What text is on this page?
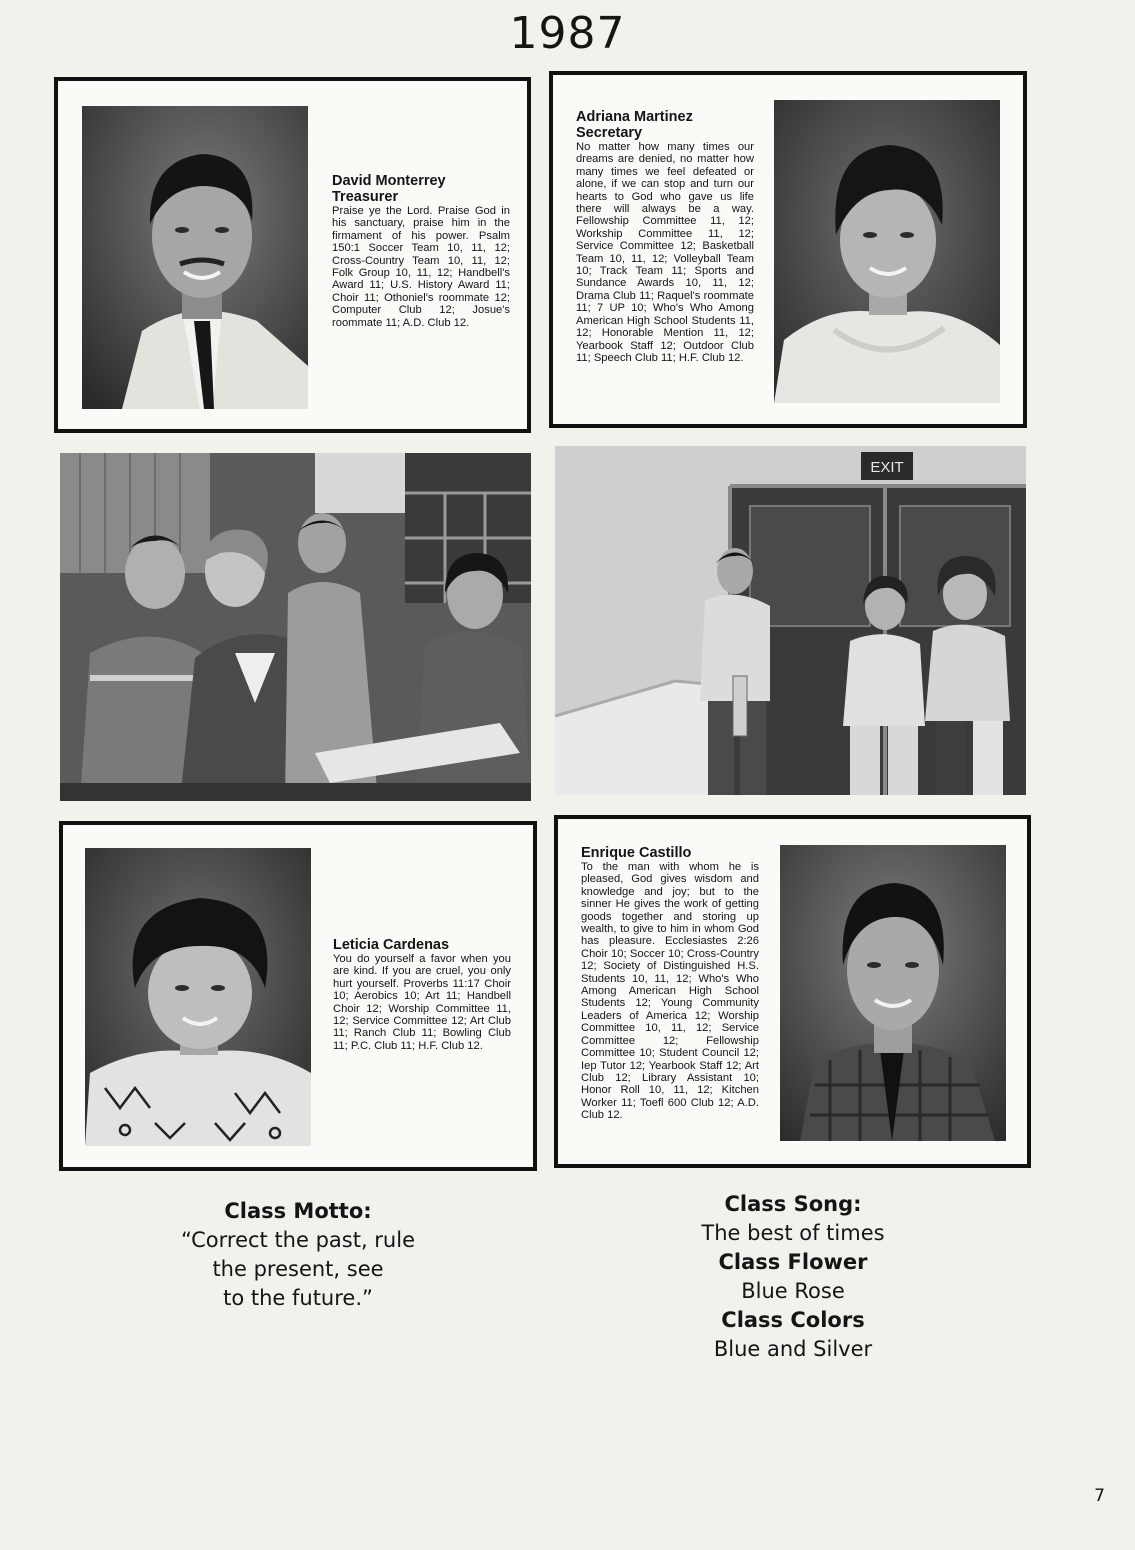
1987
David Monterrey
Treasurer
Praise ye the Lord. Praise God in his sanctuary, praise him in the firmament of his power. Psalm 150:1 Soccer Team 10, 11, 12; Cross-Country Team 10, 11, 12; Folk Group 10, 11, 12; Handbell's Award 11; U.S. History Award 11; Choir 11; Othoniel's roommate 12; Computer Club 12; Josue's roommate 11; A.D. Club 12.
Adriana Martinez
Secretary
No matter how many times our dreams are denied, no matter how many times we feel defeated or alone, if we can stop and turn our hearts to God who gave us life there will always be a way. Fellowship Committee 11, 12; Workship Committee 11, 12; Service Committee 12; Basketball Team 10, 11, 12; Volleyball Team 10; Track Team 11; Sports and Sundance Awards 10, 11, 12; Drama Club 11; Raquel's roommate 11; 7 UP 10; Who's Who Among American High School Students 11, 12; Honorable Mention 11, 12; Yearbook Staff 12; Outdoor Club 11; Speech Club 11; H.F. Club 12.
EXIT
Leticia Cardenas
You do yourself a favor when you are kind. If you are cruel, you only hurt yourself. Proverbs 11:17 Choir 10; Aerobics 10; Art 11; Handbell Choir 12; Worship Committee 11, 12; Service Committee 12; Art Club 11; Ranch Club 11; Bowling Club 11; P.C. Club 11; H.F. Club 12.
Enrique Castillo
To the man with whom he is pleased, God gives wisdom and knowledge and joy; but to the sinner He gives the work of getting goods together and storing up wealth, to give to him in whom God has pleasure. Ecclesiastes 2:26 Choir 10; Soccer 10; Cross-Country 12; Society of Distinguished H.S. Students 10, 11, 12; Who's Who Among American High School Students 12; Young Community Leaders of America 12; Worship Committee 10, 11, 12; Service Committee 12; Fellowship Committee 10; Student Council 12; Iep Tutor 12; Yearbook Staff 12; Art Club 12; Library Assistant 10; Honor Roll 10, 11, 12; Kitchen Worker 11; Toefl 600 Club 12; A.D. Club 12.
Class Motto:
“Correct the past, rule
the present, see
to the future.”
Class Song:
The best of times
Class Flower
Blue Rose
Class Colors
Blue and Silver
7
